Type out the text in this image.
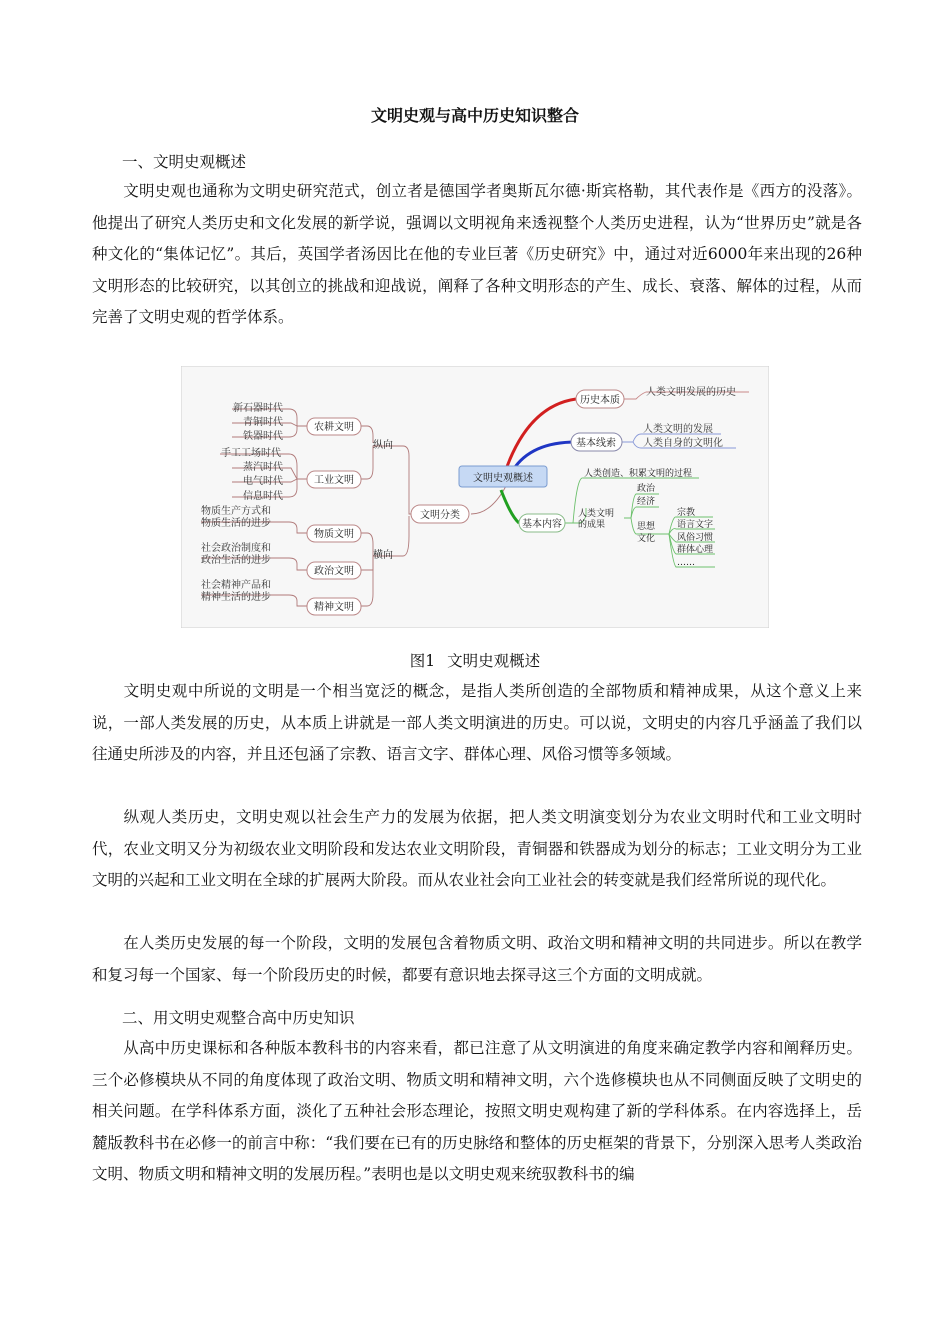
文明史观与高中历史知识整合
一、文明史观概述

文明史观也通称为文明史研究范式，创立者是德国学者奥斯瓦尔德·斯宾格勒，其代表作是《西方的没落》。他提出了研究人类历史和文化发展的新学说，强调以文明视角来透视整个人类历史进程，认为“世界历史”就是各种文化的“集体记忆”。其后，英国学者汤因比在他的专业巨著《历史研究》中，通过对近6000年来出现的26种文明形态的比较研究，以其创立的挑战和迎战说，阐释了各种文明形态的产生、成长、衰落、解体的过程，从而完善了文明史观的哲学体系。

农耕文明
工业文明
物质文明
政治文明
精神文明
文明分类
文明史观概述
纵向
横向
历史本质
基本线索
基本内容
新石器时代
青铜时代
铁器时代
手工工场时代
蒸汽时代
电气时代
信息时代
物质生产方式和
物质生活的进步
社会政治制度和
政治生活的进步
社会精神产品和
精神生活的进步
人类文明发展的历史
人类文明的发展
人类自身的文明化
人类创造、积累文明的过程
人类文明
的成果
政治
经济
思想
文化
宗教
语言文字
风俗习惯
群体心理
……
图1 文明史观概述

文明史观中所说的文明是一个相当宽泛的概念，是指人类所创造的全部物质和精神成果，从这个意义上来说，一部人类发展的历史，从本质上讲就是一部人类文明演进的历史。可以说，文明史的内容几乎涵盖了我们以往通史所涉及的内容，并且还包涵了宗教、语言文字、群体心理、风俗习惯等多领域。

纵观人类历史，文明史观以社会生产力的发展为依据，把人类文明演变划分为农业文明时代和工业文明时代，农业文明又分为初级农业文明阶段和发达农业文明阶段，青铜器和铁器成为划分的标志；工业文明分为工业文明的兴起和工业文明在全球的扩展两大阶段。而从农业社会向工业社会的转变就是我们经常所说的现代化。

在人类历史发展的每一个阶段，文明的发展包含着物质文明、政治文明和精神文明的共同进步。所以在教学和复习每一个国家、每一个阶段历史的时候，都要有意识地去探寻这三个方面的文明成就。

二、用文明史观整合高中历史知识

从高中历史课标和各种版本教科书的内容来看，都已注意了从文明演进的角度来确定教学内容和阐释历史。三个必修模块从不同的角度体现了政治文明、物质文明和精神文明，六个选修模块也从不同侧面反映了文明史的相关问题。在学科体系方面，淡化了五种社会形态理论，按照文明史观构建了新的学科体系。在内容选择上，岳麓版教科书在必修一的前言中称：“我们要在已有的历史脉络和整体的历史框架的背景下，分别深入思考人类政治文明、物质文明和精神文明的发展历程。”表明也是以文明史观来统驭教科书的编
